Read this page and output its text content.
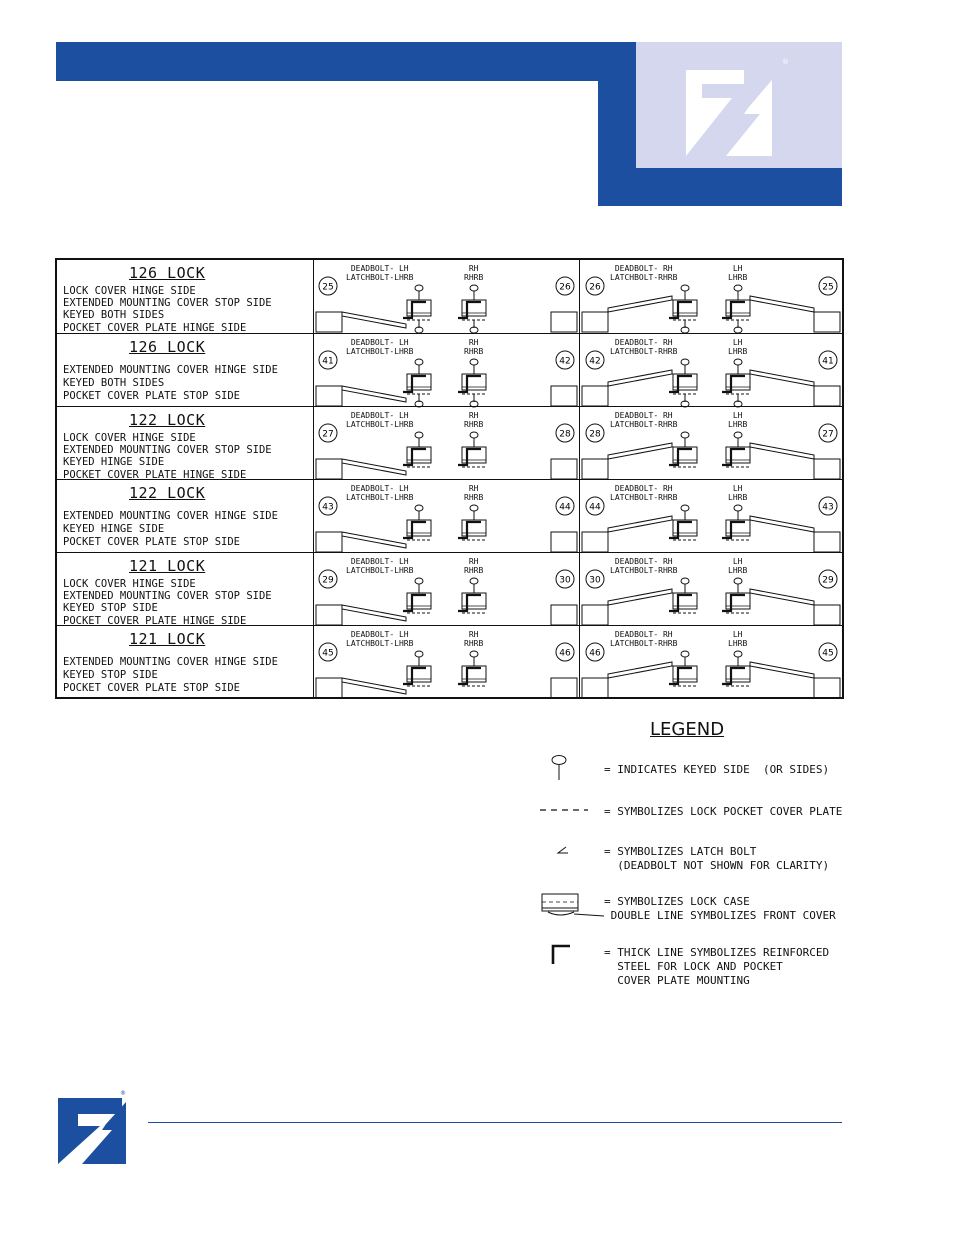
®
126 LOCK
LOCK COVER HINGE SIDE
EXTENDED MOUNTING COVER STOP SIDE
KEYED BOTH SIDES
POCKET COVER PLATE HINGE SIDE
25	26
DEADBOLT- LH
LATCHBOLT-LHRB
RH
RHRB
26	25
DEADBOLT- RH
LATCHBOLT-RHRB
LH
LHRB
126 LOCK
EXTENDED MOUNTING COVER HINGE SIDE
KEYED BOTH SIDES
POCKET COVER PLATE STOP SIDE
41	42
DEADBOLT- LH
LATCHBOLT-LHRB
RH
RHRB
42	41
DEADBOLT- RH
LATCHBOLT-RHRB
LH
LHRB
122 LOCK
LOCK COVER HINGE SIDE
EXTENDED MOUNTING COVER STOP SIDE
KEYED HINGE SIDE
POCKET COVER PLATE HINGE SIDE
27	28
DEADBOLT- LH
LATCHBOLT-LHRB
RH
RHRB
28	27
DEADBOLT- RH
LATCHBOLT-RHRB
LH
LHRB
122 LOCK
EXTENDED MOUNTING COVER HINGE SIDE
KEYED HINGE SIDE
POCKET COVER PLATE STOP SIDE
43	44
DEADBOLT- LH
LATCHBOLT-LHRB
RH
RHRB
44	43
DEADBOLT- RH
LATCHBOLT-RHRB
LH
LHRB
121 LOCK
LOCK COVER HINGE SIDE
EXTENDED MOUNTING COVER STOP SIDE
KEYED STOP SIDE
POCKET COVER PLATE HINGE SIDE
29	30
DEADBOLT- LH
LATCHBOLT-LHRB
RH
RHRB
30	29
DEADBOLT- RH
LATCHBOLT-RHRB
LH
LHRB
121 LOCK
EXTENDED MOUNTING COVER HINGE SIDE
KEYED STOP SIDE
POCKET COVER PLATE STOP SIDE
45	46
DEADBOLT- LH
LATCHBOLT-LHRB
RH
RHRB
46	45
DEADBOLT- RH
LATCHBOLT-RHRB
LH
LHRB
LEGEND
= INDICATES KEYED SIDE  (OR SIDES)
= SYMBOLIZES LOCK POCKET COVER PLATE
= SYMBOLIZES LATCH BOLT
(DEADBOLT NOT SHOWN FOR CLARITY)
= SYMBOLIZES LOCK CASE
DOUBLE LINE SYMBOLIZES FRONT COVER
= THICK LINE SYMBOLIZES REINFORCED
STEEL FOR LOCK AND POCKET
COVER PLATE MOUNTING
®
